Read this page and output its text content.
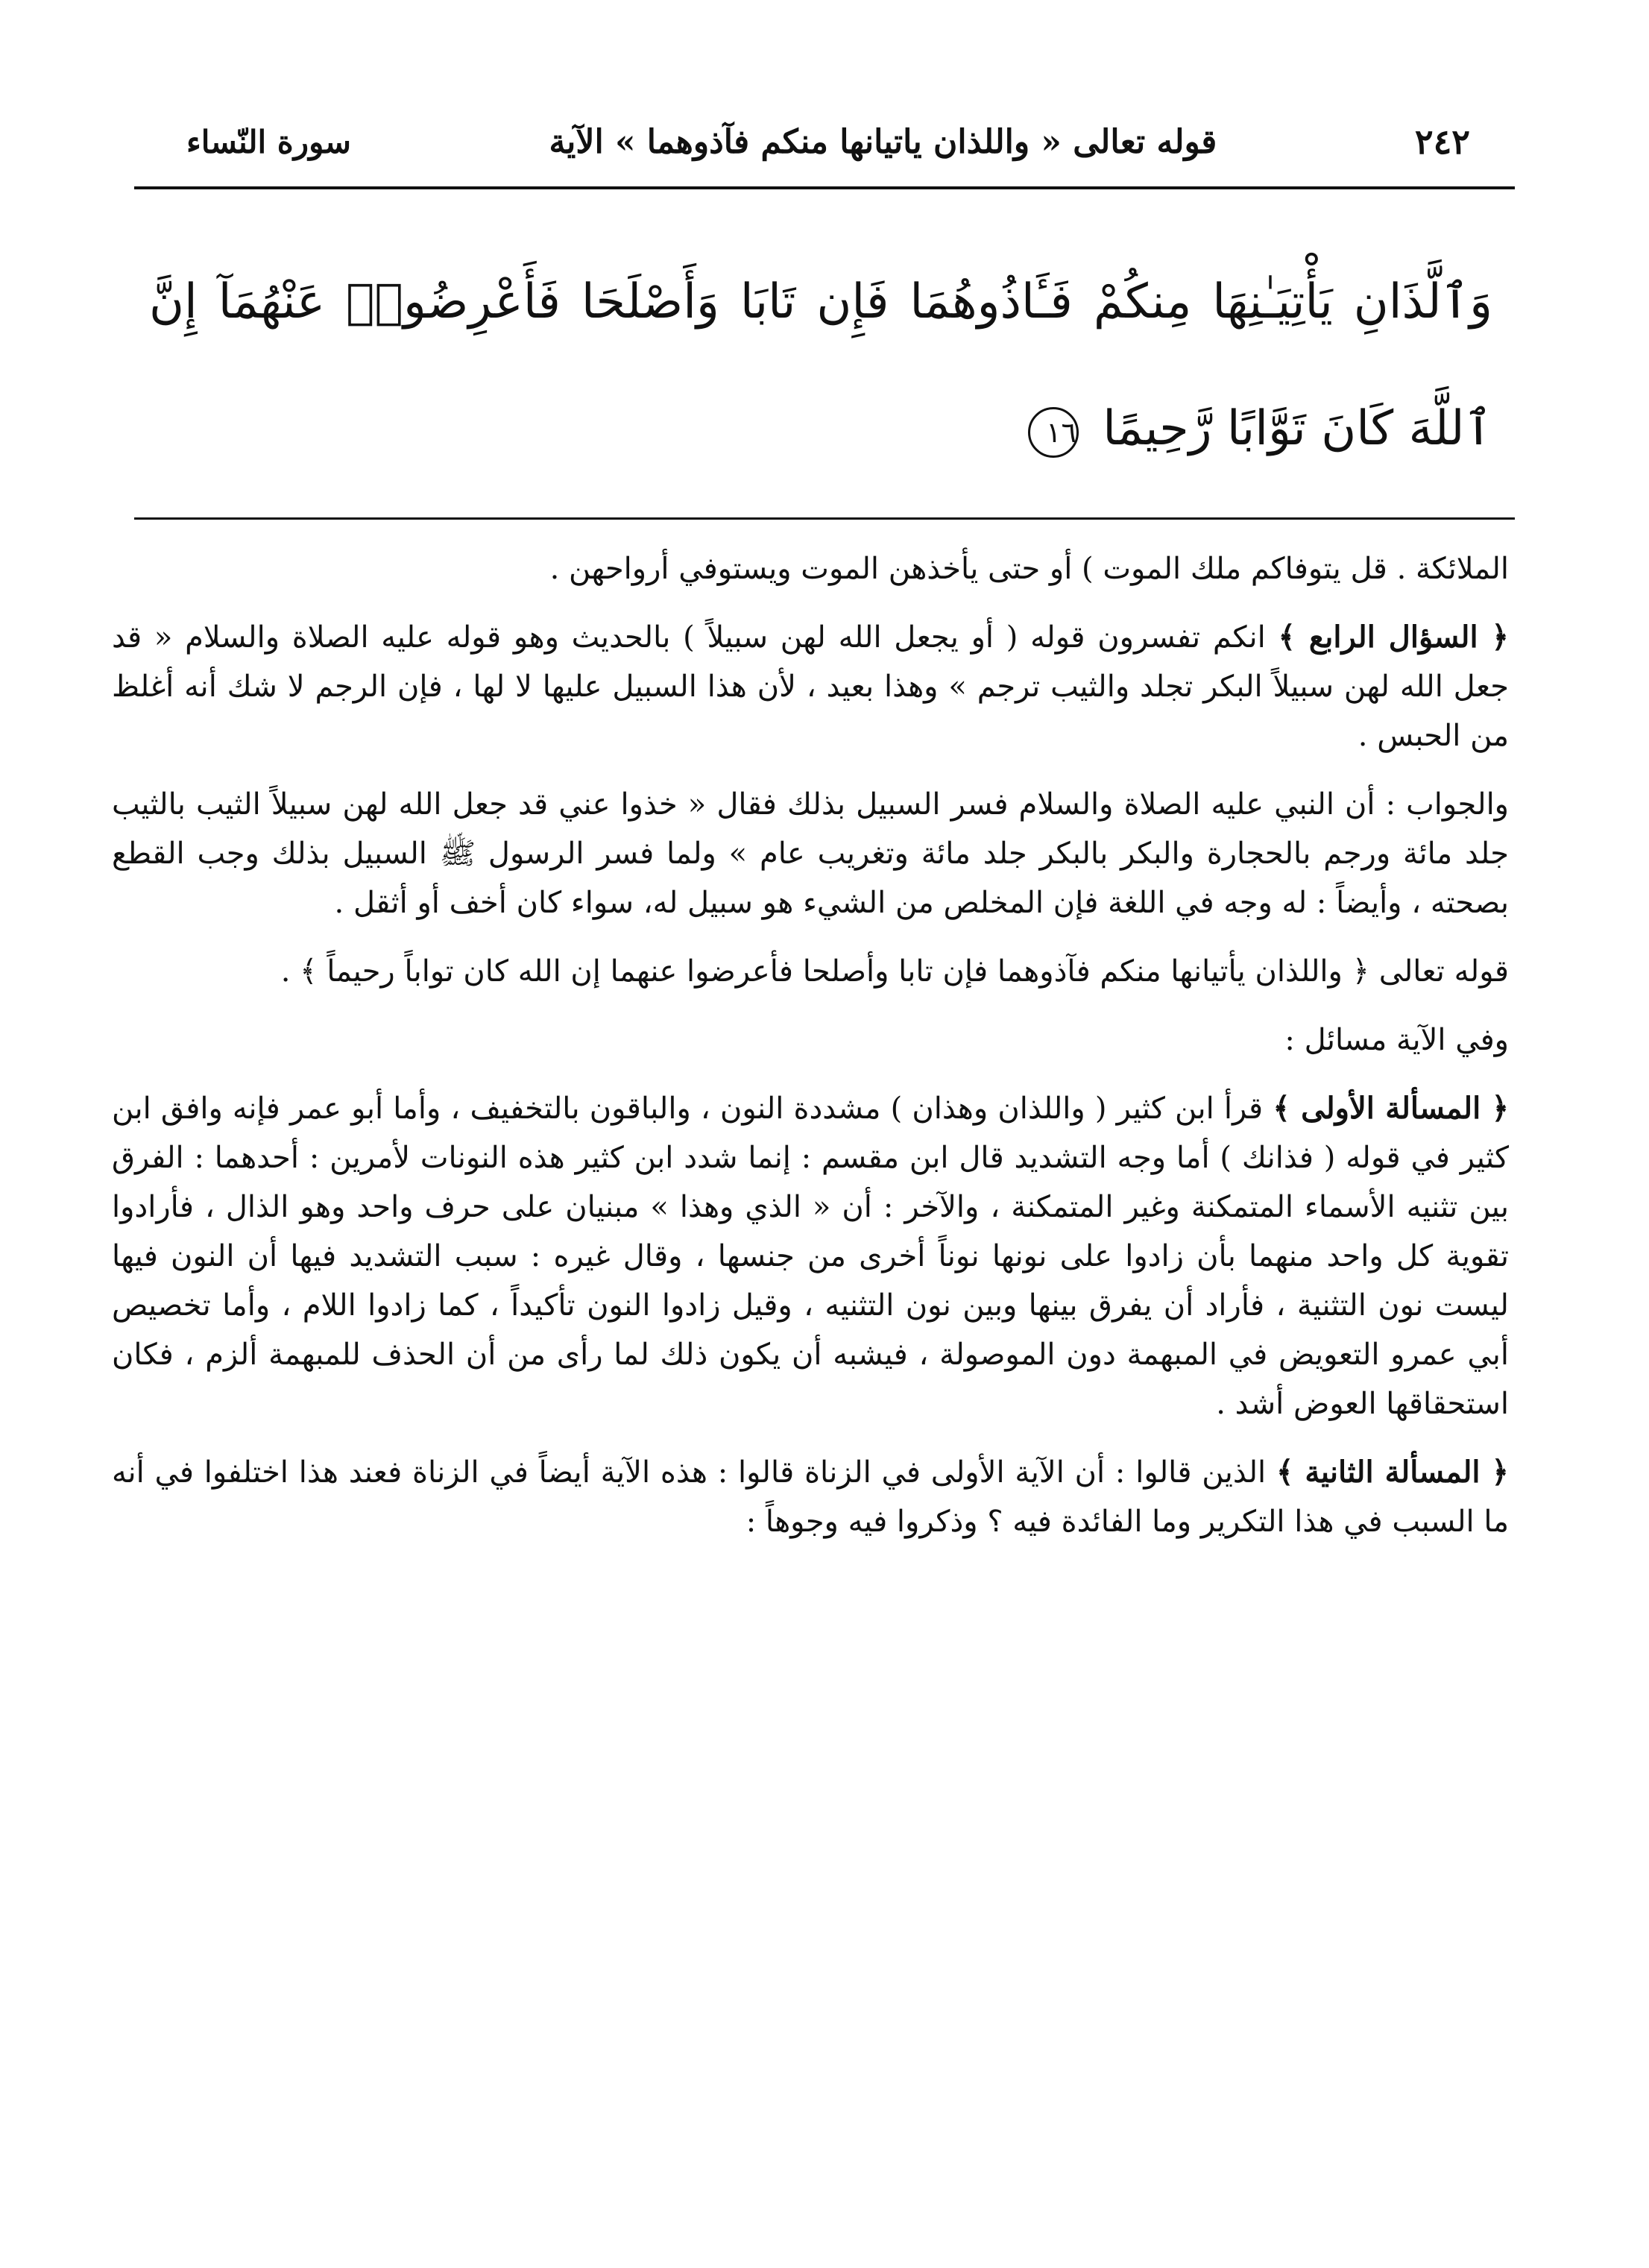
٢٤٢
قوله تعالى « واللذان ياتيانها منكم فآذوهما » الآية
سورة النّساء
وَٱلَّذَانِ يَأْتِيَـٰنِهَا مِنكُمْ فَـَٔاذُوهُمَا فَإِن تَابَا وَأَصْلَحَا فَأَعْرِضُوا۟ عَنْهُمَآ إِنَّ ٱللَّهَ كَانَ تَوَّابًا رَّحِيمًا ١٦

الملائكة . قل يتوفاكم ملك الموت ) أو حتى يأخذهن الموت ويستوفي أرواحهن .

﴿ السؤال الرابع ﴾ انكم تفسرون قوله ( أو يجعل الله لهن سبيلاً ) بالحديث وهو قوله عليه الصلاة والسلام « قد جعل الله لهن سبيلاً البكر تجلد والثيب ترجم » وهذا بعيد ، لأن هذا السبيل عليها لا لها ، فإن الرجم لا شك أنه أغلظ من الحبس .

والجواب : أن النبي عليه الصلاة والسلام فسر السبيل بذلك فقال « خذوا عني قد جعل الله لهن سبيلاً الثيب بالثيب جلد مائة ورجم بالحجارة والبكر بالبكر جلد مائة وتغريب عام » ولما فسر الرسول ﷺ السبيل بذلك وجب القطع بصحته ، وأيضاً : له وجه في اللغة فإن المخلص من الشيء هو سبيل له، سواء كان أخف أو أثقل .

قوله تعالى ﴿ واللذان يأتيانها منكم فآذوهما فإن تابا وأصلحا فأعرضوا عنهما إن الله كان تواباً رحيماً ﴾ .

وفي الآية مسائل :

﴿ المسألة الأولى ﴾ قرأ ابن كثير ( واللذان وهذان ) مشددة النون ، والباقون بالتخفيف ، وأما أبو عمر فإنه وافق ابن كثير في قوله ( فذانك ) أما وجه التشديد قال ابن مقسم : إنما شدد ابن كثير هذه النونات لأمرين : أحدهما : الفرق بين تثنيه الأسماء المتمكنة وغير المتمكنة ، والآخر : أن « الذي وهذا » مبنيان على حرف واحد وهو الذال ، فأرادوا تقوية كل واحد منهما بأن زادوا على نونها نوناً أخرى من جنسها ، وقال غيره : سبب التشديد فيها أن النون فيها ليست نون التثنية ، فأراد أن يفرق بينها وبين نون التثنيه ، وقيل زادوا النون تأكيداً ، كما زادوا اللام ، وأما تخصيص أبي عمرو التعويض في المبهمة دون الموصولة ، فيشبه أن يكون ذلك لما رأى من أن الحذف للمبهمة ألزم ، فكان استحقاقها العوض أشد .

﴿ المسألة الثانية ﴾ الذين قالوا : أن الآية الأولى في الزناة قالوا : هذه الآية أيضاً في الزناة فعند هذا اختلفوا في أنه ما السبب في هذا التكرير وما الفائدة فيه ؟ وذكروا فيه وجوهاً :
